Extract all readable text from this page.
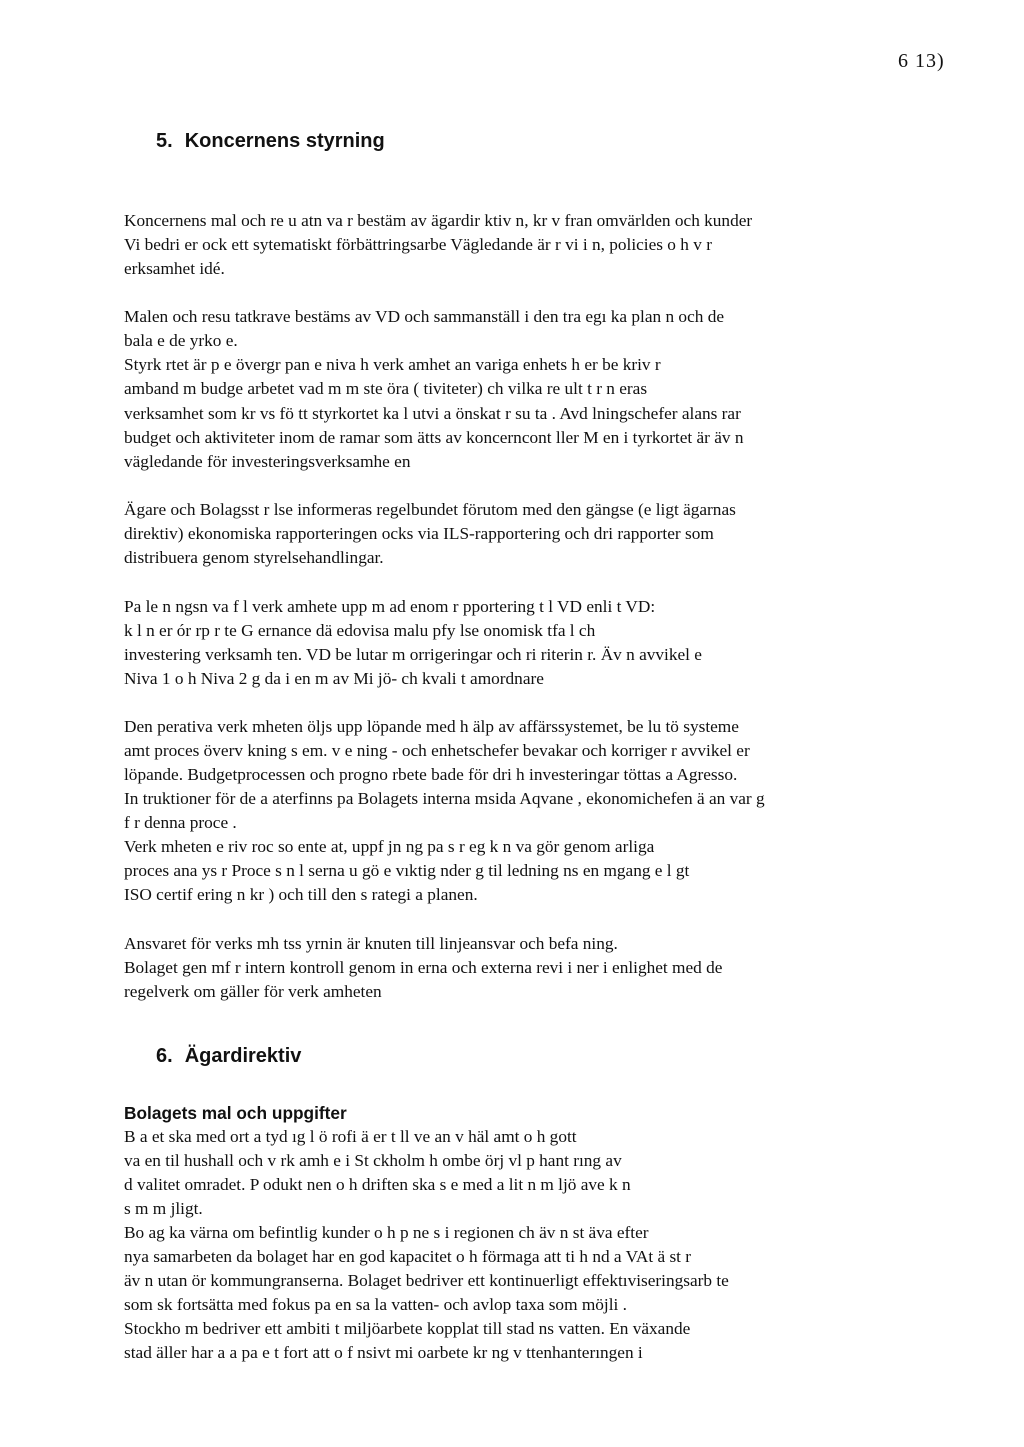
6 13)
5. Koncernens styrning
Koncernens mal och re u atn va r bestäm av ägardir ktiv n, kr v fran omvärlden och kunder
Vi bedri er ock ett sytematiskt förbättringsarbe Vägledande är r vi i n, policies o h v r
erksamhet idé.
Malen och resu tatkrave bestäms av VD och sammanställ i den tra egı ka plan n och de
bala e de yrko e.
Styrk rtet är p e övergr pan e niva h verk amhet an variga enhets h er be kriv r
amband m budge arbetet vad m m ste öra ( tiviteter) ch vilka re ult t r n eras
verksamhet som kr vs fö tt styrkortet ka l utvi a önskat r su ta . Avd lningschefer alans rar
budget och aktiviteter inom de ramar som ätts av koncerncont ller M en i tyrkortet är äv n
vägledande för investeringsverksamhe en
Ägare och Bolagsst r lse informeras regelbundet förutom med den gängse (e ligt ägarnas
direktiv) ekonomiska rapporteringen ocks via ILS-rapportering och dri rapporter som
distribuera genom styrelsehandlingar.
Pa le n ngsn va f l verk amhete upp m ad enom r pportering t l VD enli t VD:
k l n er ór rp r te G ernance dä edovisa malu pfy lse onomisk tfa l ch
investering verksamh ten. VD be lutar m orrigeringar och ri riterin r. Äv n avvikel e
Niva 1 o h Niva 2 g da i en m av Mi jö- ch kvali t amordnare
Den perativa verk mheten öljs upp löpande med h älp av affärssystemet, be lu tö systeme
amt proces överv kning s em. v e ning - och enhetschefer bevakar och korriger r avvikel er
löpande. Budgetprocessen och progno rbete bade för dri h investeringar töttas a Agresso.
In truktioner för de a aterfinns pa Bolagets interna msida Aqvane , ekonomichefen ä an var g
f r denna proce .
Verk mheten e riv roc so ente at, uppf jn ng pa s r eg k n va gör genom arliga
proces ana ys r Proce s n l serna u gö e vıktig nder g til ledning ns en mgang e l gt
ISO certif ering n kr ) och till den s rategi a planen.
Ansvaret för verks mh tss yrnin är knuten till linjeansvar och befa ning.
Bolaget gen mf r intern kontroll genom in erna och externa revi i ner i enlighet med de
regelverk om gäller för verk amheten
6. Ägardirektiv
Bolagets mal och uppgifter
B a et ska med ort a tyd ıg l ö rofi ä er t ll ve an v häl amt o h gott
va en til hushall och v rk amh e i St ckholm h ombe örj vl p hant rıng av
d valitet omradet. P odukt nen o h driften ska s e med a lit n m ljö ave k n
s m m jligt.
Bo ag ka värna om befintlig kunder o h p ne s i regionen ch äv n st äva efter
nya samarbeten da bolaget har en god kapacitet o h förmaga att ti h nd a VAt ä st r
äv n utan ör kommungranserna. Bolaget bedriver ett kontinuerligt effektıviseringsarb te
som sk fortsätta med fokus pa en sa la vatten- och avlop taxa som möjli .
Stockho m bedriver ett ambiti t miljöarbete kopplat till stad ns vatten. En växande
stad äller har a a pa e t fort att o f nsivt mi oarbete kr ng v ttenhanterıngen i
